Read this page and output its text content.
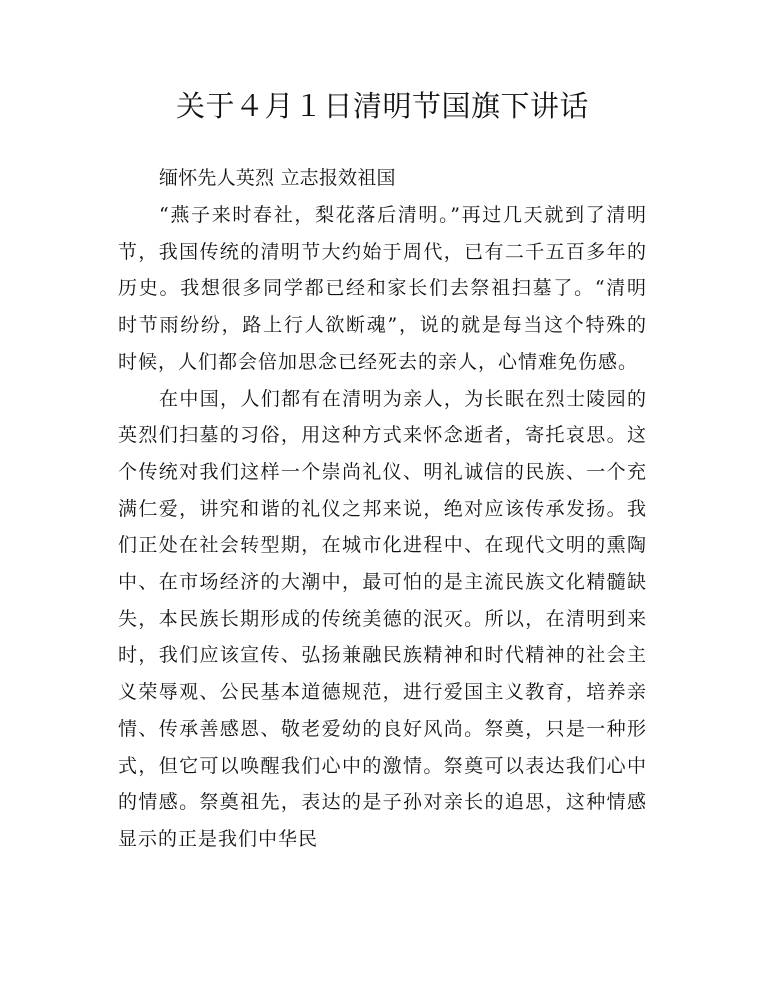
关于４月１日清明节国旗下讲话

缅怀先人英烈 立志报效祖国

“燕子来时春社，梨花落后清明。”再过几天就到了清明节，我国传统的清明节大约始于周代，已有二千五百多年的历史。我想很多同学都已经和家长们去祭祖扫墓了。“清明时节雨纷纷，路上行人欲断魂”，说的就是每当这个特殊的时候，人们都会倍加思念已经死去的亲人，心情难免伤感。

在中国，人们都有在清明为亲人，为长眠在烈士陵园的英烈们扫墓的习俗，用这种方式来怀念逝者，寄托哀思。这个传统对我们这样一个崇尚礼仪、明礼诚信的民族、一个充满仁爱，讲究和谐的礼仪之邦来说，绝对应该传承发扬。我们正处在社会转型期，在城市化进程中、在现代文明的熏陶中、在市场经济的大潮中，最可怕的是主流民族文化精髓缺失，本民族长期形成的传统美德的泯灭。所以，在清明到来时，我们应该宣传、弘扬兼融民族精神和时代精神的社会主义荣辱观、公民基本道德规范，进行爱国主义教育，培养亲情、传承善感恩、敬老爱幼的良好风尚。祭奠，只是一种形式，但它可以唤醒我们心中的激情。祭奠可以表达我们心中的情感。祭奠祖先，表达的是子孙对亲长的追思，这种情感显示的正是我们中华民
